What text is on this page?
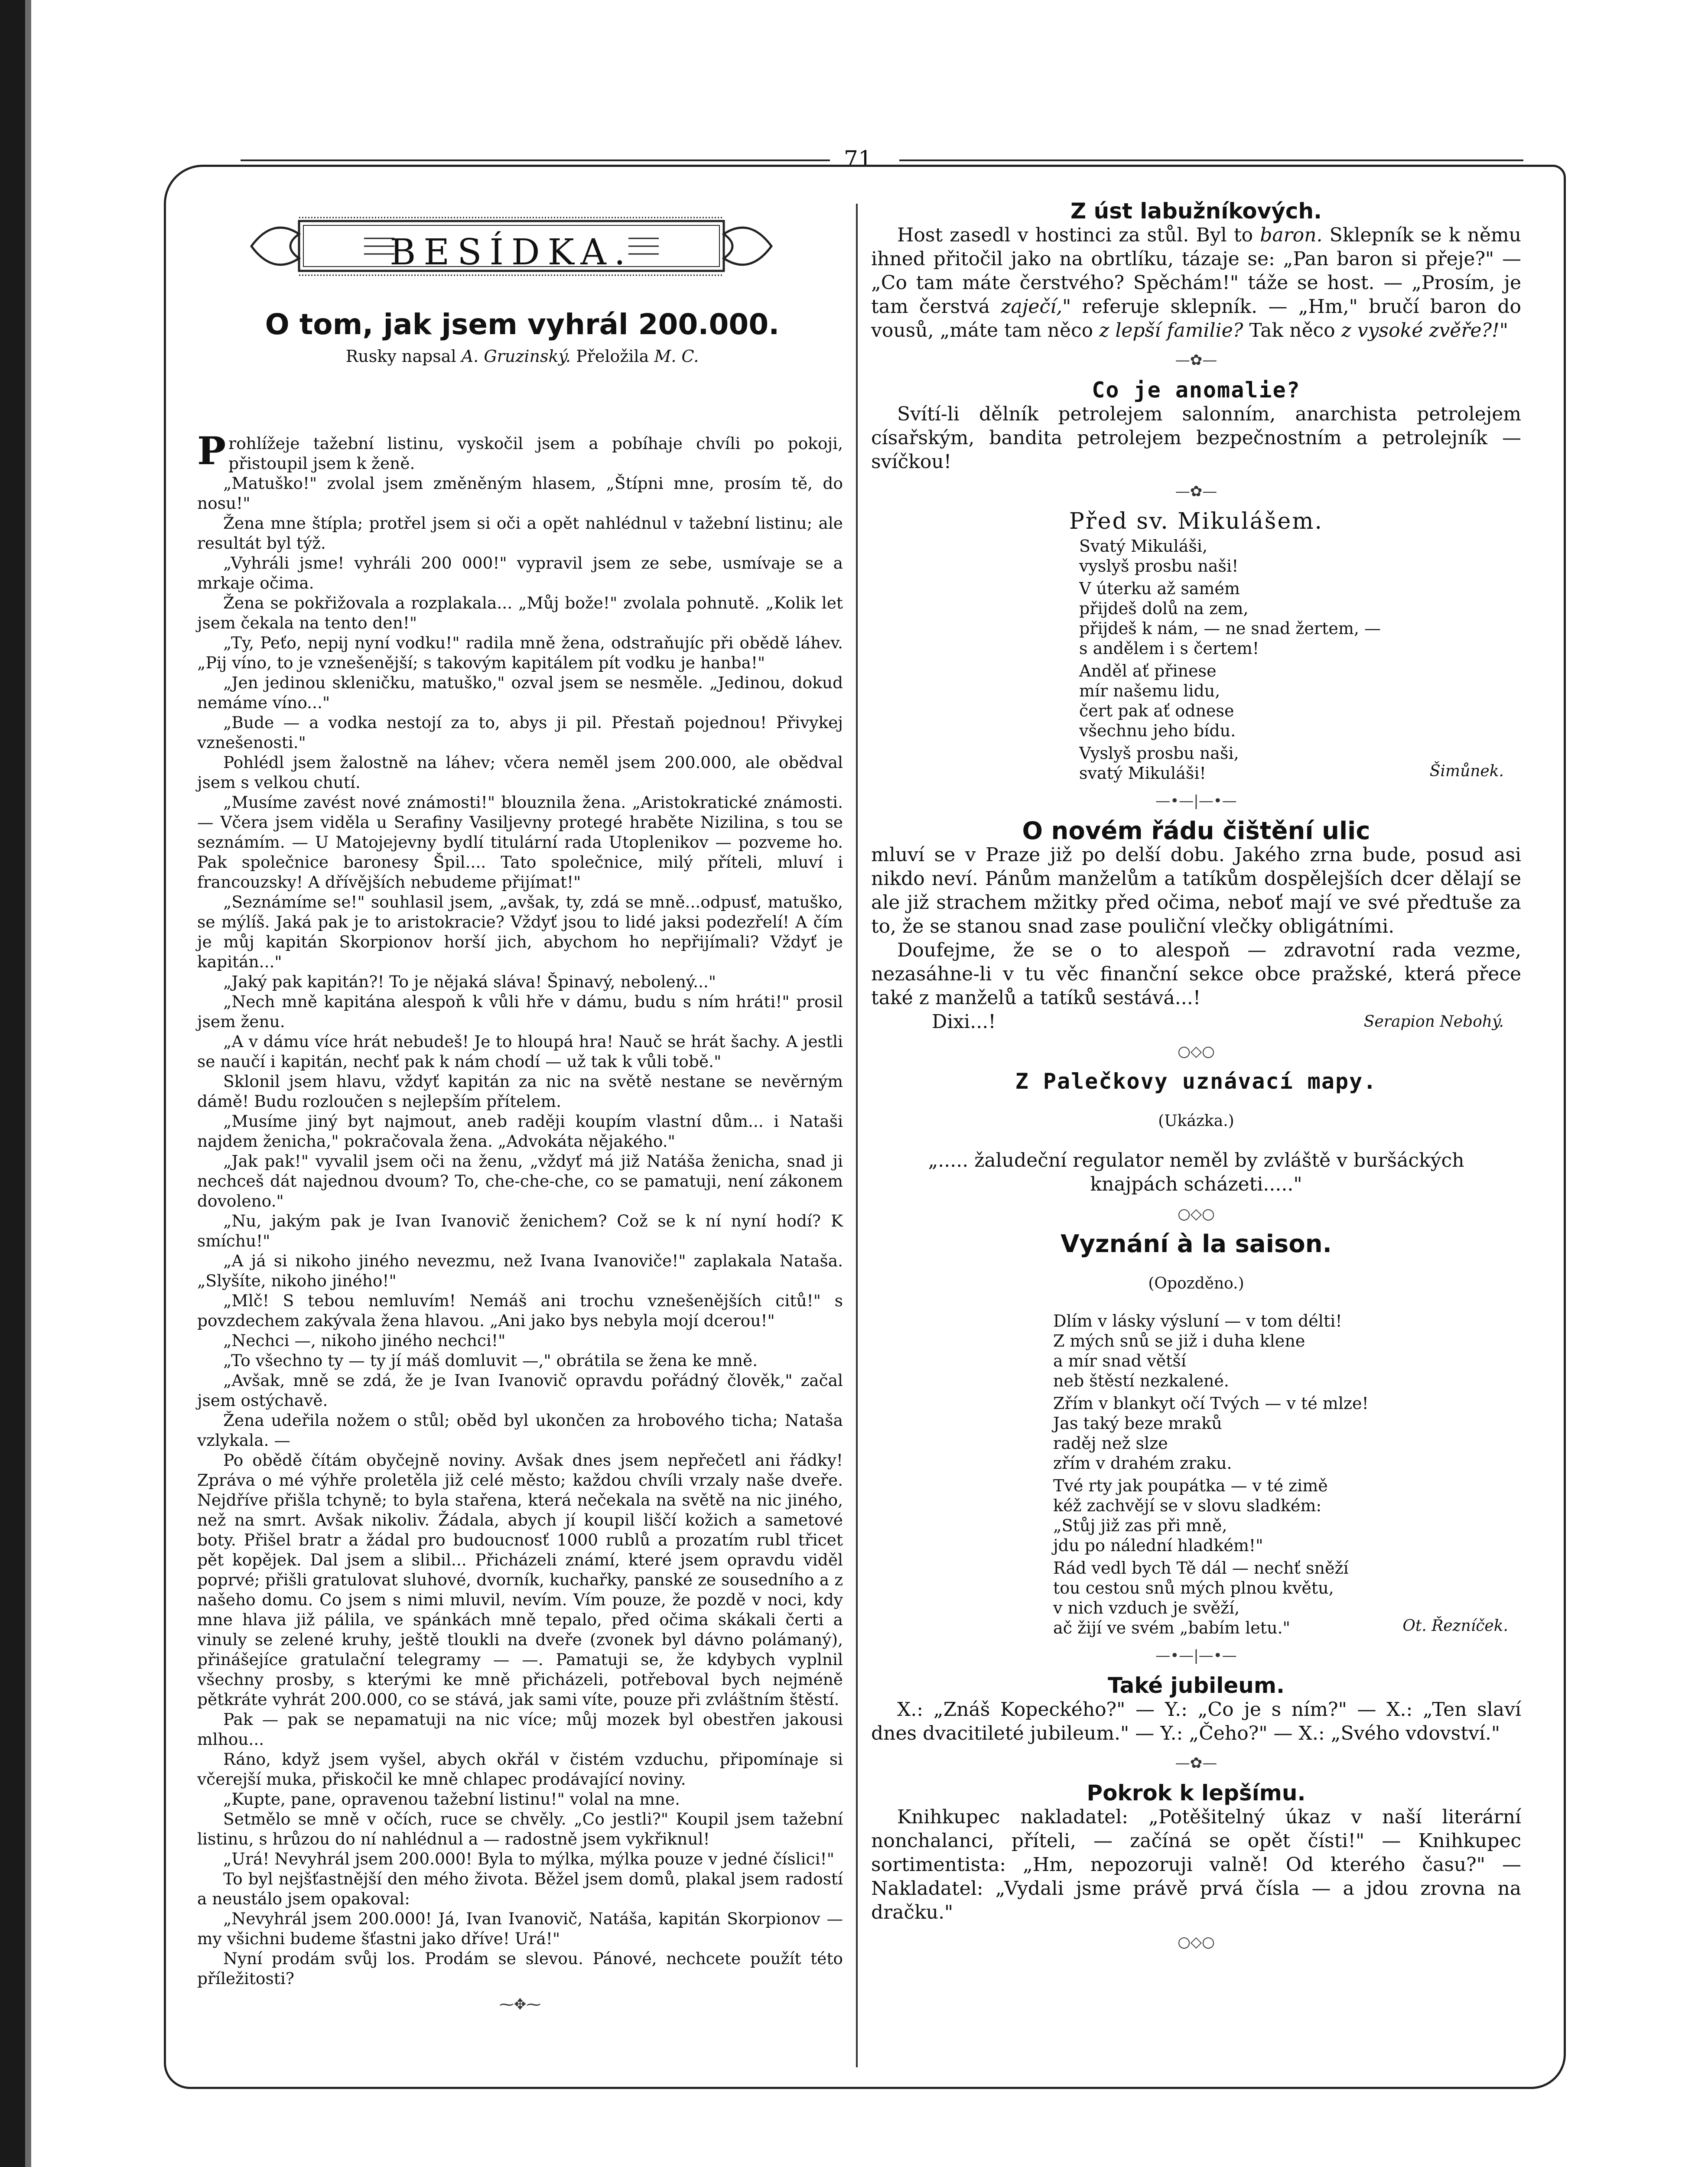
71
BESÍDKA.
O tom, jak jsem vyhrál 200.000.
Rusky napsal A. Gruzinský. Přeložila M. C.

Prohlížeje tažební listinu, vyskočil jsem a pobíhaje chvíli po pokoji, přistoupil jsem k ženě.

„Matuško!" zvolal jsem změněným hlasem, „Štípni mne, prosím tě, do nosu!"

Žena mne štípla; protřel jsem si oči a opět nahlédnul v tažební listinu; ale resultát byl týž.

„Vyhráli jsme! vyhráli 200 000!" vypravil jsem ze sebe, usmívaje se a mrkaje očima.

Žena se pokřižovala a rozplakala... „Můj bože!" zvolala pohnutě. „Kolik let jsem čekala na tento den!"

„Ty, Peťo, nepij nyní vodku!" radila mně žena, odstraňujíc při obědě láhev. „Pij víno, to je vznešenější; s takovým kapitálem pít vodku je hanba!"

„Jen jedinou skleničku, matuško," ozval jsem se nesměle. „Jedinou, dokud nemáme víno..."

„Bude — a vodka nestojí za to, abys ji pil. Přestaň pojednou! Přivykej vznešenosti."

Pohlédl jsem žalostně na láhev; včera neměl jsem 200.000, ale obědval jsem s velkou chutí.

„Musíme zavést nové známosti!" blouznila žena. „Aristokratické známosti. — Včera jsem viděla u Serafiny Vasiljevny protegé hraběte Nizilina, s tou se seznámím. — U Matojejevny bydlí titulární rada Utoplenikov — pozveme ho. Pak společnice baronesy Špil.... Tato společnice, milý příteli, mluví i francouzsky! A dřívějších nebudeme přijímat!"

„Seznámíme se!" souhlasil jsem, „avšak, ty, zdá se mně...odpusť, matuško, se mýlíš. Jaká pak je to aristokracie? Vždyť jsou to lidé jaksi podezřelí! A čím je můj kapitán Skorpionov horší jich, abychom ho nepřijímali? Vždyť je kapitán..."

„Jaký pak kapitán?! To je nějaká sláva! Špinavý, nebolený..."

„Nech mně kapitána alespoň k vůli hře v dámu, budu s ním hráti!" prosil jsem ženu.

„A v dámu více hrát nebudeš! Je to hloupá hra! Nauč se hrát šachy. A jestli se naučí i kapitán, nechť pak k nám chodí — už tak k vůli tobě."

Sklonil jsem hlavu, vždyť kapitán za nic na světě nestane se nevěrným dámě! Budu rozloučen s nejlepším přítelem.

„Musíme jiný byt najmout, aneb raději koupím vlastní dům... i Nataši najdem ženicha," pokračovala žena. „Advokáta nějakého."

„Jak pak!" vyvalil jsem oči na ženu, „vždyť má již Natáša ženicha, snad ji nechceš dát najednou dvoum? To, che-che-che, co se pamatuji, není zákonem dovoleno."

„Nu, jakým pak je Ivan Ivanovič ženichem? Což se k ní nyní hodí? K smíchu!"

„A já si nikoho jiného nevezmu, než Ivana Ivanoviče!" zaplakala Nataša. „Slyšíte, nikoho jiného!"

„Mlč! S tebou nemluvím! Nemáš ani trochu vznešenějších citů!" s povzdechem zakývala žena hlavou. „Ani jako bys nebyla mojí dcerou!"

„Nechci —, nikoho jiného nechci!"

„To všechno ty — ty jí máš domluvit —," obrátila se žena ke mně.

„Avšak, mně se zdá, že je Ivan Ivanovič opravdu pořádný člověk," začal jsem ostýchavě.

Žena udeřila nožem o stůl; oběd byl ukončen za hrobového ticha; Nataša vzlykala. —

Po obědě čítám obyčejně noviny. Avšak dnes jsem nepřečetl ani řádky! Zpráva o mé výhře proletěla již celé město; každou chvíli vrzaly naše dveře. Nejdříve přišla tchyně; to byla stařena, která nečekala na světě na nic jiného, než na smrt. Avšak nikoliv. Žádala, abych jí koupil liščí kožich a sametové boty. Přišel bratr a žádal pro budoucnosť 1000 rublů a prozatím rubl třicet pět kopějek. Dal jsem a slibil... Přicházeli známí, které jsem opravdu viděl poprvé; přišli gratulovat sluhové, dvorník, kuchařky, panské ze sousedního a z našeho domu. Co jsem s nimi mluvil, nevím. Vím pouze, že pozdě v noci, kdy mne hlava již pálila, ve spánkách mně tepalo, před očima skákali čerti a vinuly se zelené kruhy, ještě tloukli na dveře (zvonek byl dávno polámaný), přinášejíce gratulační telegramy — —. Pamatuji se, že kdybych vyplnil všechny prosby, s kterými ke mně přicházeli, potřeboval bych nejméně pětkráte vyhrát 200.000, co se stává, jak sami víte, pouze při zvláštním štěstí.

Pak — pak se nepamatuji na nic více; můj mozek byl obestřen jakousi mlhou...

Ráno, když jsem vyšel, abych okřál v čistém vzduchu, připomínaje si včerejší muka, přiskočil ke mně chlapec prodávající noviny.

„Kupte, pane, opravenou tažební listinu!" volal na mne.

Setmělo se mně v očích, ruce se chvěly. „Co jestli?" Koupil jsem tažební listinu, s hrůzou do ní nahlédnul a — radostně jsem vykřiknul!

„Urá! Nevyhrál jsem 200.000! Byla to mýlka, mýlka pouze v jedné číslici!"

To byl nejšťastnější den mého života. Běžel jsem domů, plakal jsem radostí a neustálo jsem opakoval:

„Nevyhrál jsem 200.000! Já, Ivan Ivanovič, Natáša, kapitán Skorpionov — my všichni budeme šťastni jako dříve! Urá!"

Nyní prodám svůj los. Prodám se slevou. Pánové, nechcete použít této příležitosti?

⁓✥⁓

Z úst labužníkových.

Host zasedl v hostinci za stůl. Byl to baron. Sklepník se k němu ihned přitočil jako na obrtlíku, tázaje se: „Pan baron si přeje?" — „Co tam máte čerstvého? Spěchám!" táže se host. — „Prosím, je tam čerstvá zaječí," referuje sklepník. — „Hm," bručí baron do vousů, „máte tam něco z lepší familie? Tak něco z vysoké zvěře?!"

—✿—

Co je anomalie?

Svítí-li dělník petrolejem salonním, anarchista petrolejem císařským, bandita petrolejem bezpečnostním a petrolejník — svíčkou!

—✿—

Před sv. Mikulášem.

Svatý Mikuláši,
vyslyš prosbu naši!
V úterku až samém
přijdeš dolů na zem,
přijdeš k nám, — ne snad žertem, —
s andělem i s čertem!
Anděl ať přinese
mír našemu lidu,
čert pak ať odnese
všechnu jeho bídu.
Vyslyš prosbu naši,
svatý Mikuláši!	Šimůnek.
—•—|—•—

O novém řádu čištění ulic

mluví se v Praze již po delší dobu. Jakého zrna bude, posud asi nikdo neví. Pánům manželům a tatíkům dospělejších dcer dělají se ale již strachem mžitky před očima, neboť mají ve své předtuše za to, že se stanou snad zase pouliční vlečky obligátními.

Doufejme, že se o to alespoň — zdravotní rada vezme, nezasáhne-li v tu věc finanční sekce obce pražské, která přece také z manželů a tatíků sestává...!

Dixi...!	Serapion Nebohý.
○◇○

Z Palečkovy uznávací mapy.

(Ukázka.)

„..... žaludeční regulator neměl by zvláště v buršáckých knajpách scházeti....."

○◇○

Vyznání à la saison.

(Opozděno.)

Dlím v lásky výsluní — v tom délti!
Z mých snů se již i duha klene
a mír snad větší
neb štěstí nezkalené.
Zřím v blankyt očí Tvých — v té mlze!
Jas taký beze mraků
raděj než slze
zřím v drahém zraku.
Tvé rty jak poupátka — v té zimě
kéž zachvějí se v slovu sladkém:
„Stůj již zas při mně,
jdu po nálední hladkém!"
Rád vedl bych Tě dál — nechť sněží
tou cestou snů mých plnou květu,
v nich vzduch je svěží,
ač žijí ve svém „babím letu."	Ot. Řezníček.
—•—|—•—

Také jubileum.

X.: „Znáš Kopeckého?" — Y.: „Co je s ním?" — X.: „Ten slaví dnes dvacitileté jubileum." — Y.: „Čeho?" — X.: „Svého vdovství."

—✿—

Pokrok k lepšímu.

Knihkupec nakladatel: „Potěšitelný úkaz v naší literární nonchalanci, příteli, — začíná se opět čísti!" — Knihkupec sortimentista: „Hm, nepozoruji valně! Od kterého času?" — Nakladatel: „Vydali jsme právě prvá čísla — a jdou zrovna na dračku."

○◇○
